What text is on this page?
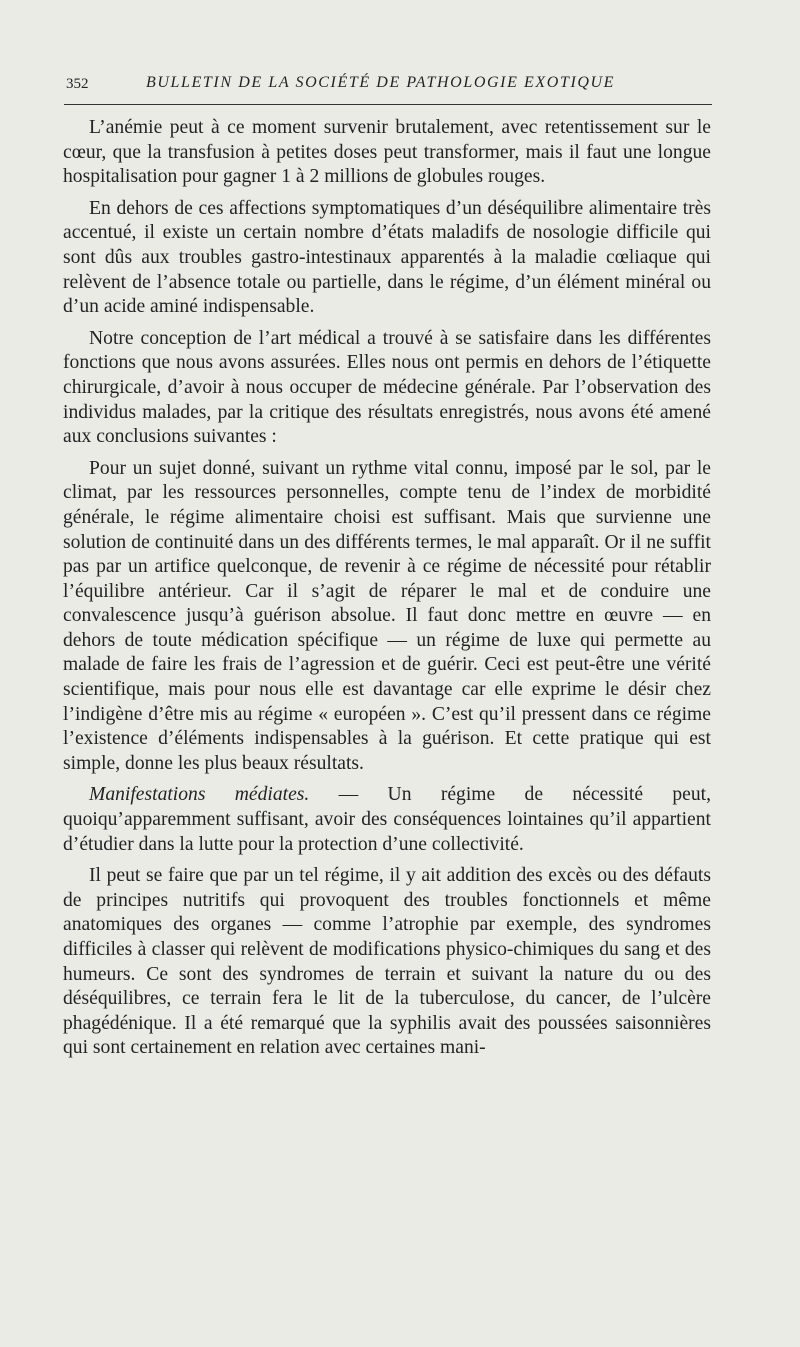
352	BULLETIN DE LA SOCIÉTÉ DE PATHOLOGIE EXOTIQUE

L’anémie peut à ce moment survenir brutalement, avec retentissement sur le cœur, que la transfusion à petites doses peut transformer, mais il faut une longue hospitalisation pour gagner 1 à 2 millions de globules rouges.

En dehors de ces affections symptomatiques d’un déséquilibre alimentaire très accentué, il existe un certain nombre d’états maladifs de nosologie difficile qui sont dûs aux troubles gastro-intestinaux apparentés à la maladie cœliaque qui relèvent de l’absence totale ou partielle, dans le régime, d’un élément minéral ou d’un acide aminé indispensable.

Notre conception de l’art médical a trouvé à se satisfaire dans les différentes fonctions que nous avons assurées. Elles nous ont permis en dehors de l’étiquette chirurgicale, d’avoir à nous occuper de médecine générale. Par l’observation des individus malades, par la critique des résultats enregistrés, nous avons été amené aux conclusions suivantes :

Pour un sujet donné, suivant un rythme vital connu, imposé par le sol, par le climat, par les ressources personnelles, compte tenu de l’index de morbidité générale, le régime alimentaire choisi est suffisant. Mais que survienne une solution de continuité dans un des différents termes, le mal apparaît. Or il ne suffit pas par un artifice quelconque, de revenir à ce régime de nécessité pour rétablir l’équilibre antérieur. Car il s’agit de réparer le mal et de conduire une convalescence jusqu’à guérison absolue. Il faut donc mettre en œuvre — en dehors de toute médication spécifique — un régime de luxe qui permette au malade de faire les frais de l’agression et de guérir. Ceci est peut-être une vérité scientifique, mais pour nous elle est davantage car elle exprime le désir chez l’indigène d’être mis au régime « européen ». C’est qu’il pressent dans ce régime l’existence d’éléments indispensables à la guérison. Et cette pratique qui est simple, donne les plus beaux résultats.

Manifestations médiates. — Un régime de nécessité peut, quoiqu’apparemment suffisant, avoir des conséquences lointaines qu’il appartient d’étudier dans la lutte pour la protection d’une collectivité.

Il peut se faire que par un tel régime, il y ait addition des excès ou des défauts de principes nutritifs qui provoquent des troubles fonctionnels et même anatomiques des organes — comme l’atrophie par exemple, des syndromes difficiles à classer qui relèvent de modifications physico-chimiques du sang et des humeurs. Ce sont des syndromes de terrain et suivant la nature du ou des déséquilibres, ce terrain fera le lit de la tuberculose, du cancer, de l’ulcère phagédénique. Il a été remarqué que la syphilis avait des poussées saisonnières qui sont certainement en relation avec certaines mani-
